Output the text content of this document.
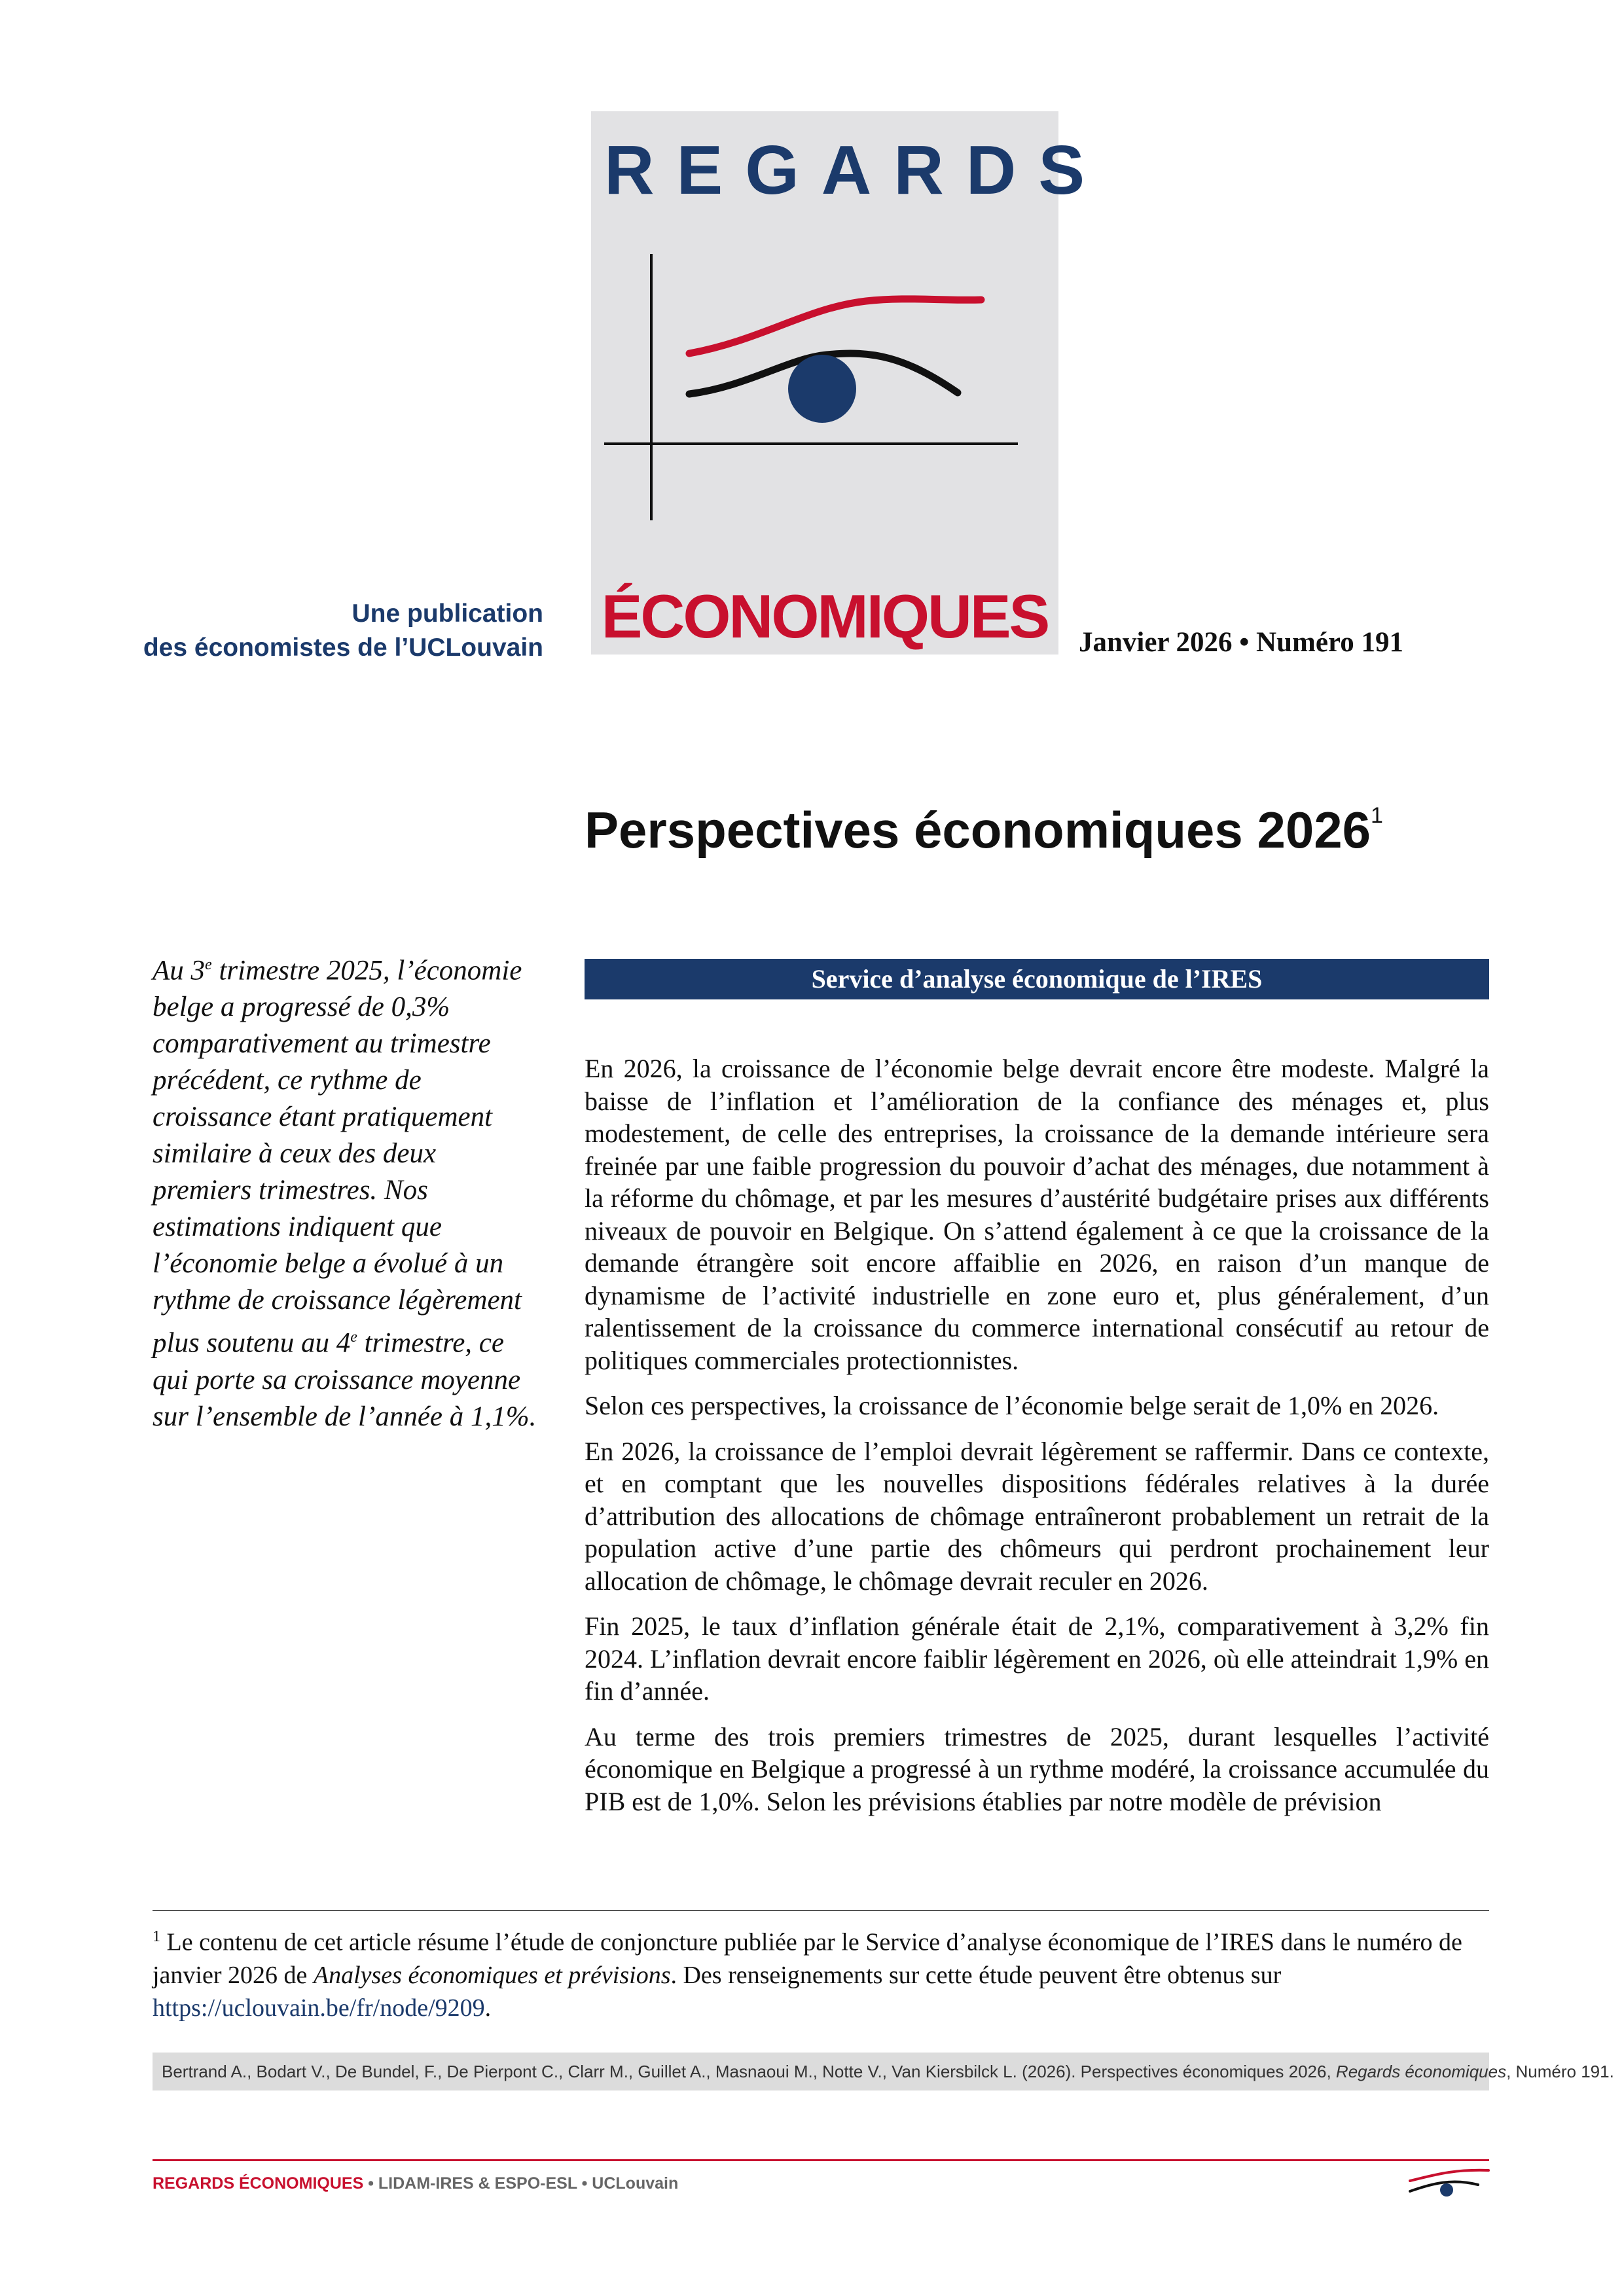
REGARDS
ÉCONOMIQUES
Une publication
des économistes de l’UCLouvain	Janvier 2026 • Numéro 191
Perspectives économiques 2026$^1$
Au 3e trimestre 2025, l’économie belge a progressé de 0,3% comparativement au trimestre précédent, ce rythme de croissance étant pratiquement similaire à ceux des deux premiers trimestres. Nos estimations indiquent que l’économie belge a évolué à un rythme de croissance légèrement plus soutenu au 4e trimestre, ce qui porte sa croissance moyenne sur l’ensemble de l’année à 1,1%.
Service d’analyse économique de l’IRES

En 2026, la croissance de l’économie belge devrait encore être modeste. Malgré la baisse de l’inflation et l’amélioration de la confiance des ménages et, plus modestement, de celle des entreprises, la croissance de la demande intérieure sera freinée par une faible progression du pouvoir d’achat des ménages, due notamment à la réforme du chômage, et par les mesures d’austérité budgétaire prises aux différents niveaux de pouvoir en Belgique. On s’attend également à ce que la croissance de la demande étrangère soit encore affaiblie en 2026, en raison d’un manque de dynamisme de l’activité industrielle en zone euro et, plus généralement, d’un ralentissement de la croissance du commerce international consécutif au retour de politiques commerciales protectionnistes.

Selon ces perspectives, la croissance de l’économie belge serait de 1,0% en 2026.

En 2026, la croissance de l’emploi devrait légèrement se raffermir. Dans ce contexte, et en comptant que les nouvelles dispositions fédérales relatives à la durée d’attribution des allocations de chômage entraîneront probablement un retrait de la population active d’une partie des chômeurs qui perdront prochainement leur allocation de chômage, le chômage devrait reculer en 2026.

Fin 2025, le taux d’inflation générale était de 2,1%, comparativement à 3,2% fin 2024. L’inflation devrait encore faiblir légèrement en 2026, où elle atteindrait 1,9% en fin d’année.

Au terme des trois premiers trimestres de 2025, durant lesquelles l’activité économique en Belgique a progressé à un rythme modéré, la croissance accumulée du PIB est de 1,0%. Selon les prévisions établies par notre modèle de prévision

$^1$ Le contenu de cet article résume l’étude de conjoncture publiée par le Service d’analyse économique de l’IRES dans le numéro de janvier 2026 de Analyses économiques et prévisions. Des renseignements sur cette étude peuvent être obtenus sur https://uclouvain.be/fr/node/9209.
Bertrand A., Bodart V., De Bundel, F., De Pierpont C., Clarr M., Guillet A., Masnaoui M., Notte V., Van Kiersbilck L. (2026). Perspectives économiques 2026, Regards économiques, Numéro 191.
REGARDS ÉCONOMIQUES • LIDAM-IRES & ESPO-ESL • UCLouvain
